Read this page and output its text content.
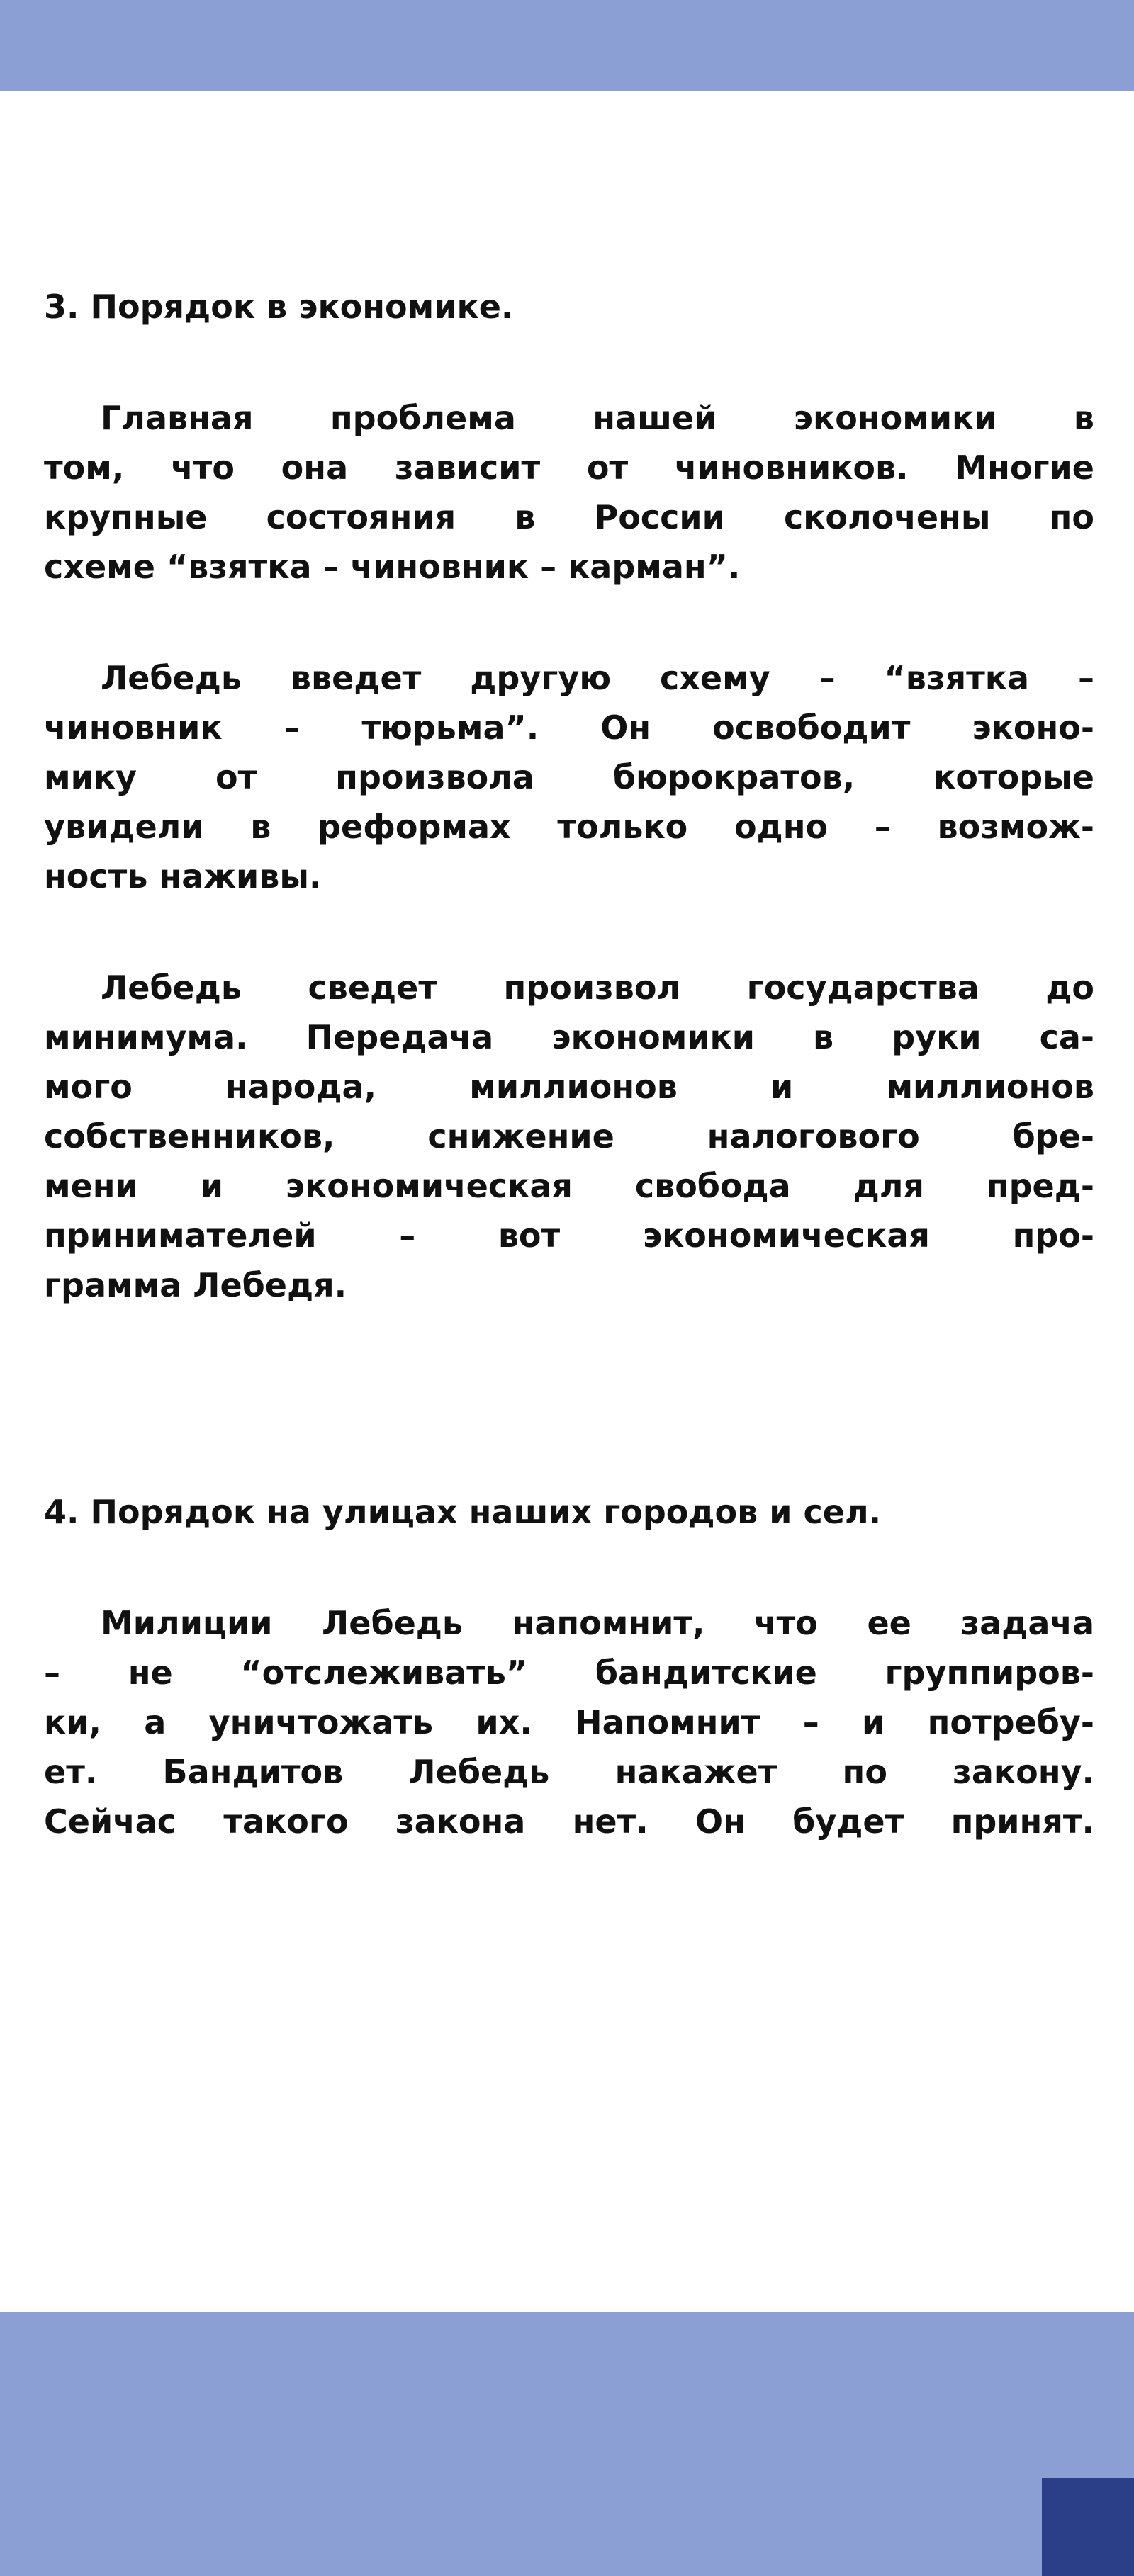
3. Порядок в экономике.

Главная проблема нашей экономики в
том, что она зависит от чиновников. Многие
крупные состояния в России сколочены по
схеме “взятка – чиновник – карман”.

Лебедь введет другую схему – “взятка –
чиновник – тюрьма”. Он освободит эконо-
мику от произвола бюрократов, которые
увидели в реформах только одно – возмож-
ность наживы.

Лебедь сведет произвол государства до
минимума. Передача экономики в руки са-
мого народа, миллионов и миллионов
собственников, снижение налогового бре-
мени и экономическая свобода для пред-
принимателей – вот экономическая про-
грамма Лебедя.

4. Порядок на улицах наших городов и сел.

Милиции Лебедь напомнит, что ее задача
– не “отслеживать” бандитские группиров-
ки, а уничтожать их. Напомнит – и потребу-
ет. Бандитов Лебедь накажет по закону.
Сейчас такого закона нет. Он будет принят.
